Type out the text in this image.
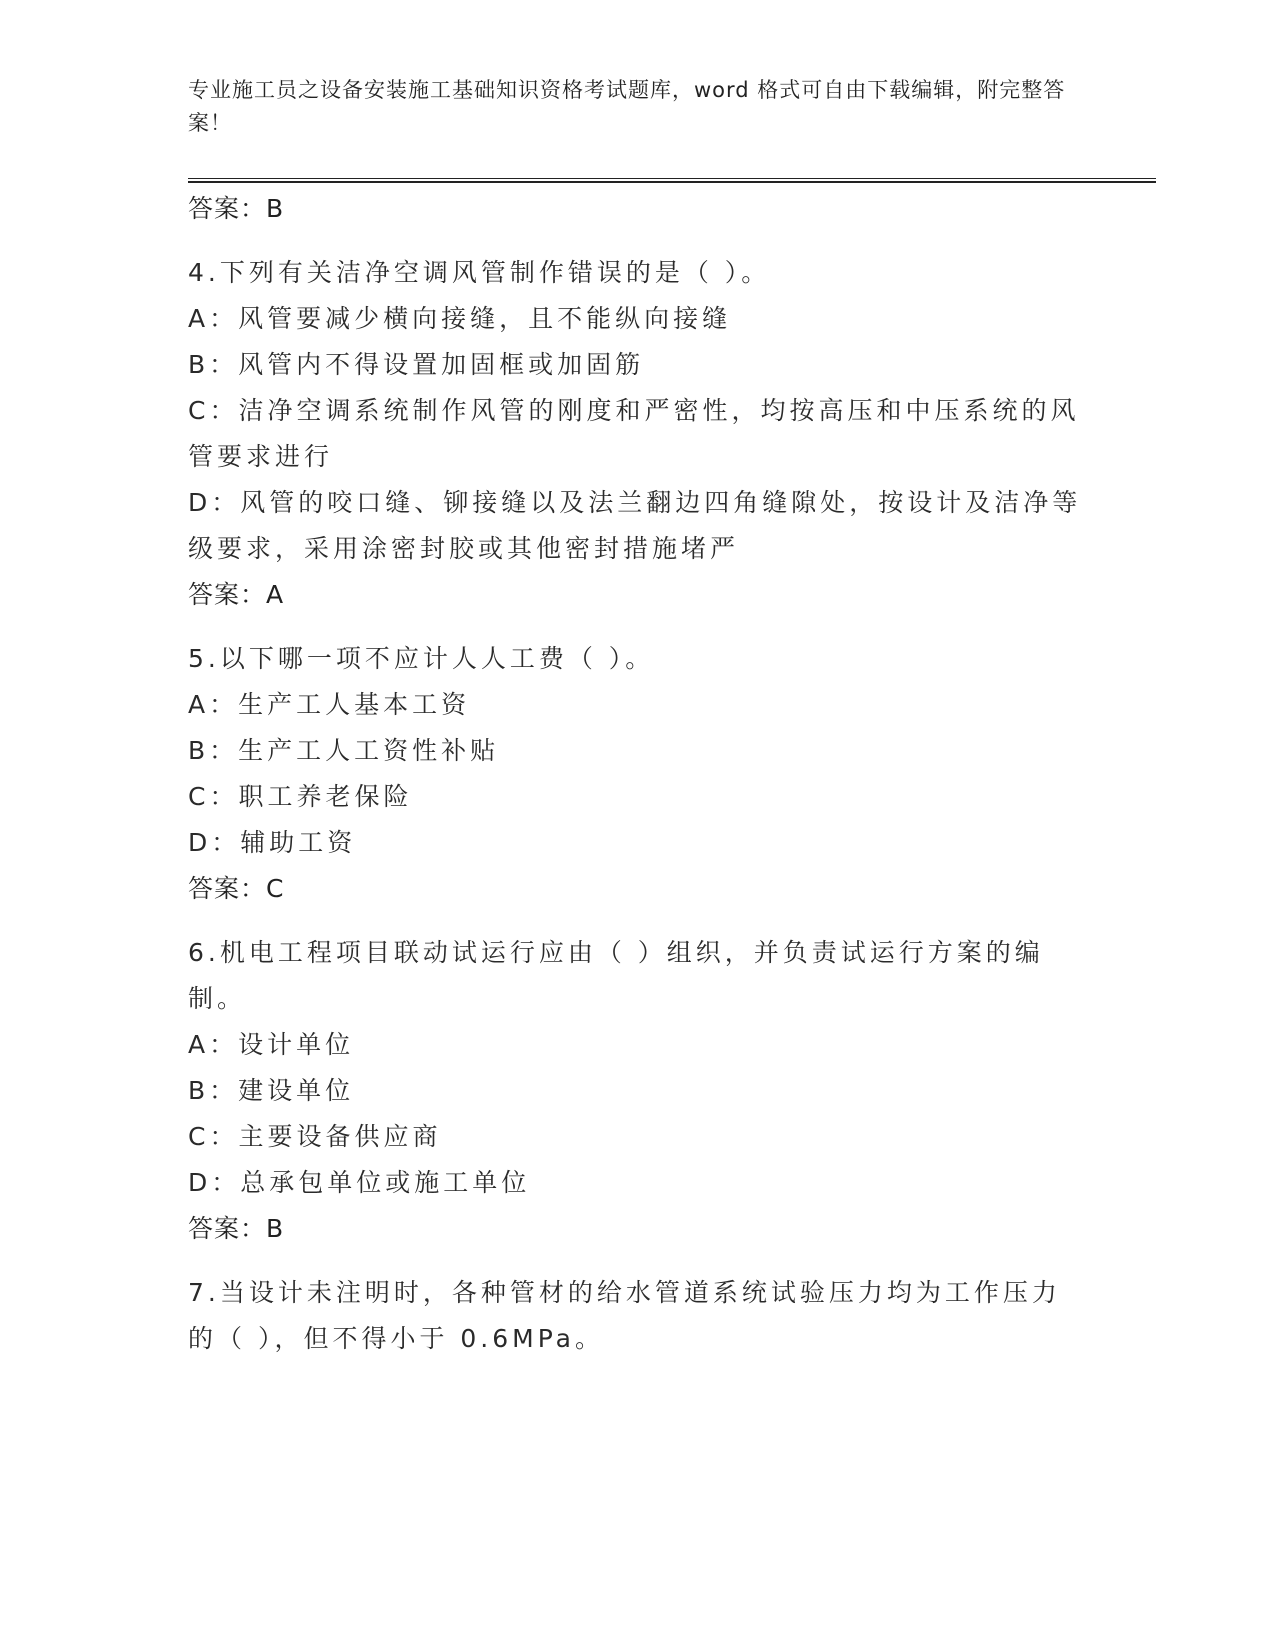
专业施工员之设备安装施工基础知识资格考试题库，word 格式可自由下载编辑，附完整答案！
答案：B
4.下列有关洁净空调风管制作错误的是（ ）。
A：风管要减少横向接缝，且不能纵向接缝
B：风管内不得设置加固框或加固筋
C：洁净空调系统制作风管的刚度和严密性，均按高压和中压系统的风管要求进行
D：风管的咬口缝、铆接缝以及法兰翻边四角缝隙处，按设计及洁净等级要求，采用涂密封胶或其他密封措施堵严
答案：A
5.以下哪一项不应计人人工费（ ）。
A：生产工人基本工资
B：生产工人工资性补贴
C：职工养老保险
D：辅助工资
答案：C
6.机电工程项目联动试运行应由（ ）组织，并负责试运行方案的编制。
A：设计单位
B：建设单位
C：主要设备供应商
D：总承包单位或施工单位
答案：B
7.当设计未注明时，各种管材的给水管道系统试验压力均为工作压力的（ ），但不得小于 0.6MPa。
